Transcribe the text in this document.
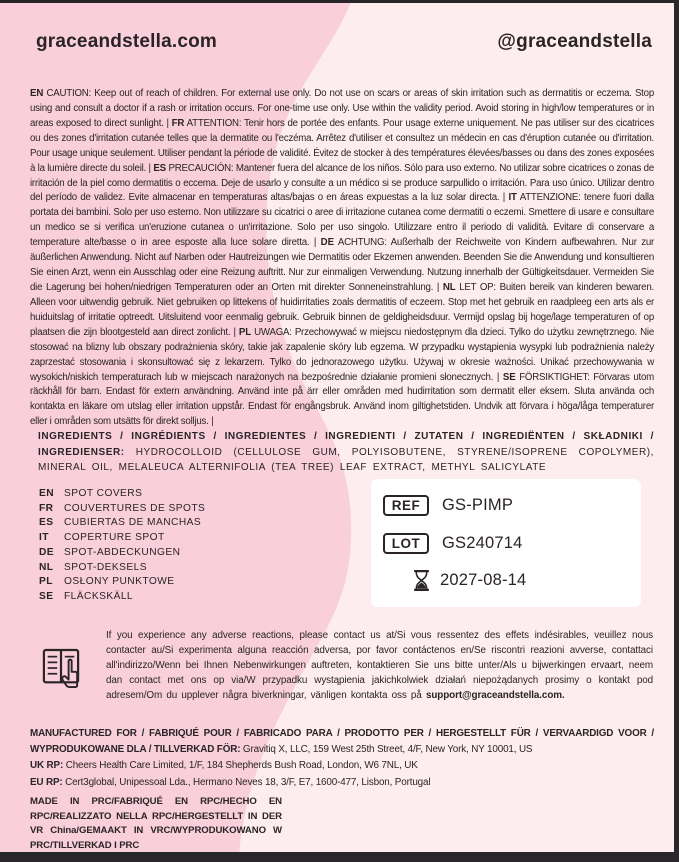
graceandstella.com	@graceandstella

EN CAUTION: Keep out of reach of children. For external use only. Do not use on scars or areas of skin irritation such as dermatitis or eczema. Stop using and consult a doctor if a rash or irritation occurs. For one-time use only. Use within the validity period. Avoid storing in high/low temperatures or in areas exposed to direct sunlight. | FR ATTENTION: Tenir hors de portée des enfants. Pour usage externe uniquement. Ne pas utiliser sur des cicatrices ou des zones d'irritation cutanée telles que la dermatite ou l'eczéma. Arrêtez d'utiliser et consultez un médecin en cas d'éruption cutanée ou d'irritation. Pour usage unique seulement. Utiliser pendant la période de validité. Évitez de stocker à des températures élevées/basses ou dans des zones exposées à la lumière directe du soleil. | ES PRECAUCIÓN: Mantener fuera del alcance de los niños. Sólo para uso externo. No utilizar sobre cicatrices o zonas de irritación de la piel como dermatitis o eccema. Deje de usarlo y consulte a un médico si se produce sarpullido o irritación. Para uso único. Utilizar dentro del período de validez. Evite almacenar en temperaturas altas/bajas o en áreas expuestas a la luz solar directa. | IT ATTENZIONE: tenere fuori dalla portata dei bambini. Solo per uso esterno. Non utilizzare su cicatrici o aree di irritazione cutanea come dermatiti o eczemi. Smettere di usare e consultare un medico se si verifica un'eruzione cutanea o un'irritazione. Solo per uso singolo. Utilizzare entro il periodo di validità. Evitare di conservare a temperature alte/basse o in aree esposte alla luce solare diretta. | DE ACHTUNG: Außerhalb der Reichweite von Kindern aufbewahren. Nur zur äußerlichen Anwendung. Nicht auf Narben oder Hautreizungen wie Dermatitis oder Ekzemen anwenden. Beenden Sie die Anwendung und konsultieren Sie einen Arzt, wenn ein Ausschlag oder eine Reizung auftritt. Nur zur einmaligen Verwendung. Nutzung innerhalb der Gültigkeitsdauer. Vermeiden Sie die Lagerung bei hohen/niedrigen Temperaturen oder an Orten mit direkter Sonneneinstrahlung. | NL LET OP: Buiten bereik van kinderen bewaren. Alleen voor uitwendig gebruik. Niet gebruiken op littekens of huidirritaties zoals dermatitis of eczeem. Stop met het gebruik en raadpleeg een arts als er huiduitslag of irritatie optreedt. Uitsluitend voor eenmalig gebruik. Gebruik binnen de geldigheidsduur. Vermijd opslag bij hoge/lage temperaturen of op plaatsen die zijn blootgesteld aan direct zonlicht. | PL UWAGA: Przechowywać w miejscu niedostępnym dla dzieci. Tylko do użytku zewnętrznego. Nie stosować na blizny lub obszary podrażnienia skóry, takie jak zapalenie skóry lub egzema. W przypadku wystąpienia wysypki lub podrażnienia należy zaprzestać stosowania i skonsultować się z lekarzem. Tylko do jednorazowego użytku. Używaj w okresie ważności. Unikać przechowywania w wysokich/niskich temperaturach lub w miejscach narażonych na bezpośrednie działanie promieni słonecznych. | SE FÖRSIKTIGHET: Förvaras utom räckhåll för barn. Endast för extern användning. Använd inte på ärr eller områden med hudirritation som dermatit eller eksem. Sluta använda och kontakta en läkare om utslag eller irritation uppstår. Endast för engångsbruk. Använd inom giltighetstiden. Undvik att förvara i höga/låga temperaturer eller i områden som utsätts för direkt solljus. |

INGREDIENTS / INGRÉDIENTS / INGREDIENTES / INGREDIENTI / ZUTATEN / INGREDIËNTEN / SKŁADNIKI / INGREDIENSER: HYDROCOLLOID (CELLULOSE GUM, POLYISOBUTENE, STYRENE/ISOPRENE COPOLYMER), MINERAL OIL, MELALEUCA ALTERNIFOLIA (TEA TREE) LEAF EXTRACT, METHYL SALICYLATE

EN SPOT COVERS
FR	COUVERTURES DE SPOTS
ES	CUBIERTAS DE MANCHAS
IT	COPERTURE SPOT
DE SPOT-ABDECKUNGEN
NL	SPOT-DEKSELS
PL	OSŁONY PUNKTOWE
SE	FLÄCKSKÄLL
REF	GS-PIMP
LOT	GS240714
2027-08-14

If you experience any adverse reactions, please contact us at/Si vous ressentez des effets indésirables, veuillez nous contacter au/Si experimenta alguna reacción adversa, por favor contáctenos en/Se riscontri reazioni avverse, contattaci all'indirizzo/Wenn bei Ihnen Nebenwirkungen auftreten, kontaktieren Sie uns bitte unter/Als u bijwerkingen ervaart, neem dan contact met ons op via/W przypadku wystąpienia jakichkolwiek działań niepożądanych prosimy o kontakt pod adresem/Om du upplever några biverkningar, vänligen kontakta oss på support@graceandstella.com.

MANUFACTURED FOR / FABRIQUÉ POUR / FABRICADO PARA / PRODOTTO PER / HERGESTELLT FÜR / VERVAARDIGD VOOR / WYPRODUKOWANE DLA / TILLVERKAD FÖR: Gravitiq X, LLC, 159 West 25th Street, 4/F, New York, NY 10001, US

UK RP: Cheers Health Care Limited, 1/F, 184 Shepherds Bush Road, London, W6 7NL, UK

EU RP: Cert3global, Unipessoal Lda., Hermano Neves 18, 3/F, E7, 1600-477, Lisbon, Portugal

MADE IN PRC/FABRIQUÉ EN RPC/HECHO EN RPC/REALIZZATO NELLA RPC/HERGESTELLT IN DER VR China/GEMAAKT IN VRC/WYPRODUKOWANO W PRC/TILLVERKAD I PRC
